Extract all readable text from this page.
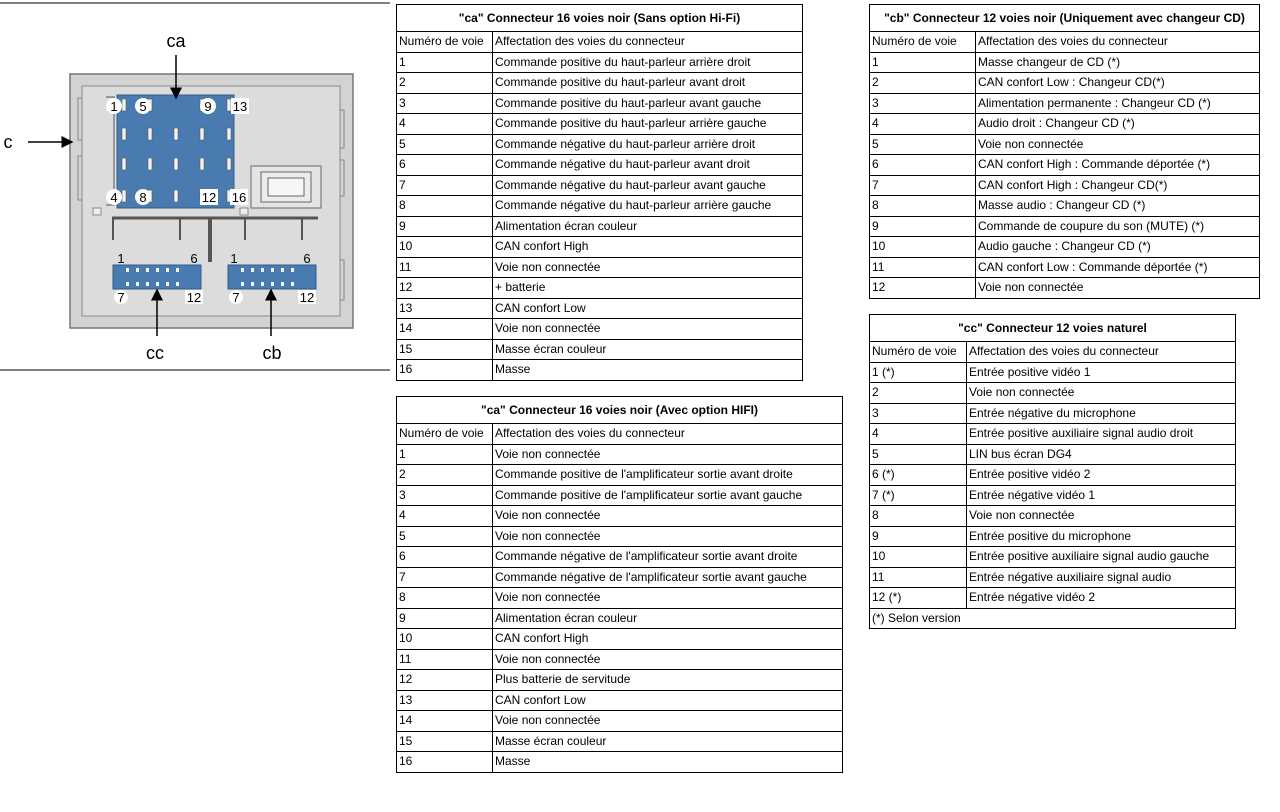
1 5	9 13
4 8	12 16
1	6
7	12
1	6
7	12
ca
c
cc	cb
"ca" Connecteur 16 voies noir (Sans option Hi-Fi)	
Numéro de voie	Affectation des voies du connecteur
1	Commande positive du haut-parleur arrière droit
2	Commande positive du haut-parleur avant droit
3	Commande positive du haut-parleur avant gauche
4	Commande positive du haut-parleur arrière gauche
5	Commande négative du haut-parleur arrière droit
6	Commande négative du haut-parleur avant droit
7	Commande négative du haut-parleur avant gauche
8	Commande négative du haut-parleur arrière gauche
9	Alimentation écran couleur
10	CAN confort High
11	Voie non connectée
12	+ batterie
13	CAN confort Low
14	Voie non connectée
15	Masse écran couleur
16	Masse
"ca" Connecteur 16 voies noir (Avec option HIFI)	
Numéro de voie	Affectation des voies du connecteur
1	Voie non connectée
2	Commande positive de l'amplificateur sortie avant droite
3	Commande positive de l'amplificateur sortie avant gauche
4	Voie non connectée
5	Voie non connectée
6	Commande négative de l'amplificateur sortie avant droite
7	Commande négative de l'amplificateur sortie avant gauche
8	Voie non connectée
9	Alimentation écran couleur
10	CAN confort High
11	Voie non connectée
12	Plus batterie de servitude
13	CAN confort Low
14	Voie non connectée
15	Masse écran couleur
16	Masse
"cb" Connecteur 12 voies noir (Uniquement avec changeur CD)	
Numéro de voie	Affectation des voies du connecteur
1	Masse changeur de CD (*)
2	CAN confort Low : Changeur CD(*)
3	Alimentation permanente : Changeur CD (*)
4	Audio droit : Changeur CD (*)
5	Voie non connectée
6	CAN confort High : Commande déportée (*)
7	CAN confort High : Changeur CD(*)
8	Masse audio : Changeur CD (*)
9	Commande de coupure du son (MUTE) (*)
10	Audio gauche : Changeur CD (*)
11	CAN confort Low : Commande déportée (*)
12	Voie non connectée
"cc" Connecteur 12 voies naturel	
Numéro de voie	Affectation des voies du connecteur
1 (*)	Entrée positive vidéo 1
2	Voie non connectée
3	Entrée négative du microphone
4	Entrée positive auxiliaire signal audio droit
5	LIN bus écran DG4
6 (*)	Entrée positive vidéo 2
7 (*)	Entrée négative vidéo 1
8	Voie non connectée
9	Entrée positive du microphone
10	Entrée positive auxiliaire signal audio gauche
11	Entrée négative auxiliaire signal audio
12 (*)	Entrée négative vidéo 2
(*) Selon version	
